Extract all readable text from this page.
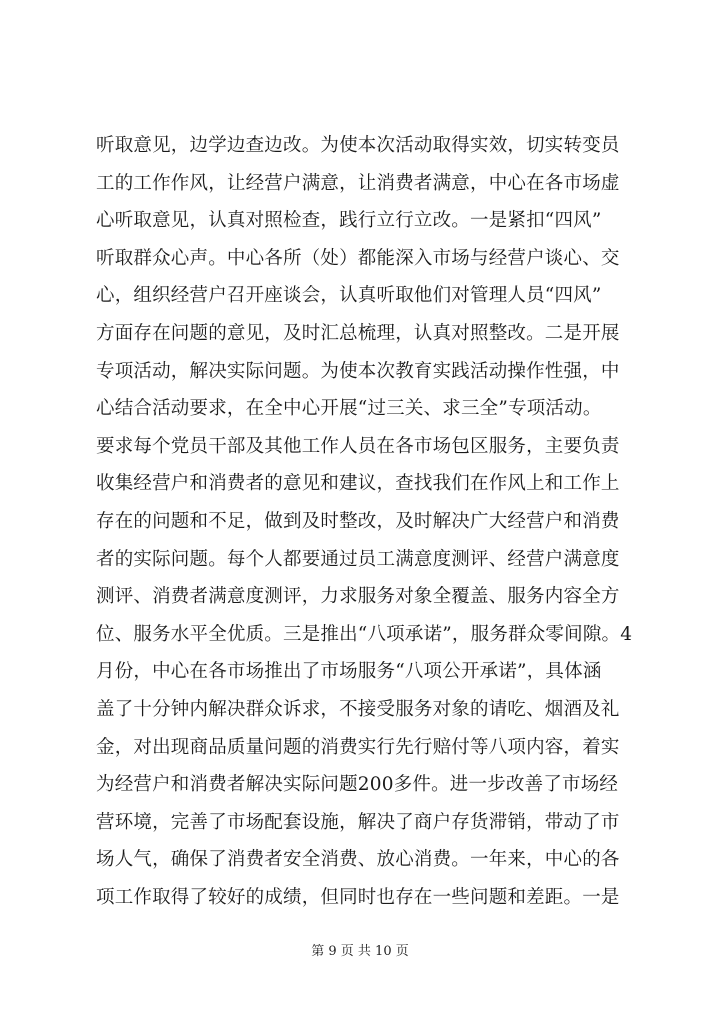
听取意见，边学边查边改。为使本次活动取得实效，切实转变员
工的工作作风，让经营户满意，让消费者满意，中心在各市场虚
心听取意见，认真对照检查，践行立行立改。一是紧扣“四风”
听取群众心声。中心各所（处）都能深入市场与经营户谈心、交
心，组织经营户召开座谈会，认真听取他们对管理人员“四风”
方面存在问题的意见，及时汇总梳理，认真对照整改。二是开展
专项活动，解决实际问题。为使本次教育实践活动操作性强，中
心结合活动要求，在全中心开展“过三关、求三全”专项活动。
要求每个党员干部及其他工作人员在各市场包区服务，主要负责
收集经营户和消费者的意见和建议，查找我们在作风上和工作上
存在的问题和不足，做到及时整改，及时解决广大经营户和消费
者的实际问题。每个人都要通过员工满意度测评、经营户满意度
测评、消费者满意度测评，力求服务对象全覆盖、服务内容全方
位、服务水平全优质。三是推出“八项承诺”，服务群众零间隙。4
月份，中心在各市场推出了市场服务“八项公开承诺”，具体涵
盖了十分钟内解决群众诉求，不接受服务对象的请吃、烟酒及礼
金，对出现商品质量问题的消费实行先行赔付等八项内容，着实
为经营户和消费者解决实际问题200多件。进一步改善了市场经
营环境，完善了市场配套设施，解决了商户存货滞销，带动了市
场人气，确保了消费者安全消费、放心消费。一年来，中心的各
项工作取得了较好的成绩，但同时也存在一些问题和差距。一是
第 9 页 共 10 页
